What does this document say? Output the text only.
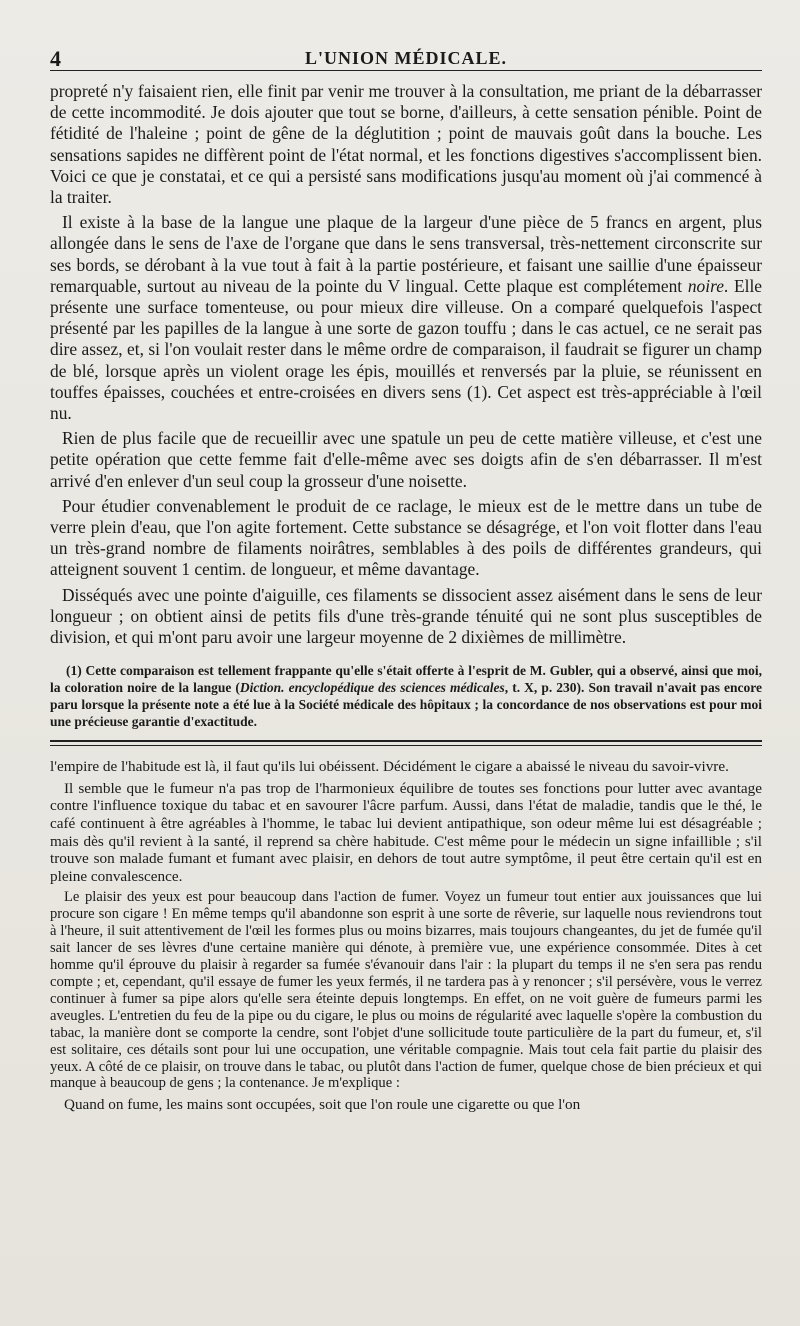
4	L'UNION MÉDICALE.

propreté n'y faisaient rien, elle finit par venir me trouver à la consultation, me priant de la débarrasser de cette incommodité. Je dois ajouter que tout se borne, d'ailleurs, à cette sensation pénible. Point de fétidité de l'haleine ; point de gêne de la déglutition ; point de mauvais goût dans la bouche. Les sensations sapides ne diffèrent point de l'état normal, et les fonctions digestives s'accomplissent bien. Voici ce que je constatai, et ce qui a persisté sans modifications jusqu'au moment où j'ai commencé à la traiter.

Il existe à la base de la langue une plaque de la largeur d'une pièce de 5 francs en argent, plus allongée dans le sens de l'axe de l'organe que dans le sens transversal, très-nettement circonscrite sur ses bords, se dérobant à la vue tout à fait à la partie postérieure, et faisant une saillie d'une épaisseur remarquable, surtout au niveau de la pointe du V lingual. Cette plaque est complétement noire. Elle présente une surface tomenteuse, ou pour mieux dire villeuse. On a comparé quelquefois l'aspect présenté par les papilles de la langue à une sorte de gazon touffu ; dans le cas actuel, ce ne serait pas dire assez, et, si l'on voulait rester dans le même ordre de comparaison, il faudrait se figurer un champ de blé, lorsque après un violent orage les épis, mouillés et renversés par la pluie, se réunissent en touffes épaisses, couchées et entre-croisées en divers sens (1). Cet aspect est très-appréciable à l'œil nu.

Rien de plus facile que de recueillir avec une spatule un peu de cette matière villeuse, et c'est une petite opération que cette femme fait d'elle-même avec ses doigts afin de s'en débarrasser. Il m'est arrivé d'en enlever d'un seul coup la grosseur d'une noisette.

Pour étudier convenablement le produit de ce raclage, le mieux est de le mettre dans un tube de verre plein d'eau, que l'on agite fortement. Cette substance se désagrége, et l'on voit flotter dans l'eau un très-grand nombre de filaments noirâtres, semblables à des poils de différentes grandeurs, qui atteignent souvent 1 centim. de longueur, et même davantage.

Disséqués avec une pointe d'aiguille, ces filaments se dissocient assez aisément dans le sens de leur longueur ; on obtient ainsi de petits fils d'une très-grande ténuité qui ne sont plus susceptibles de division, et qui m'ont paru avoir une largeur moyenne de 2 dixièmes de millimètre.

(1) Cette comparaison est tellement frappante qu'elle s'était offerte à l'esprit de M. Gubler, qui a observé, ainsi que moi, la coloration noire de la langue (Diction. encyclopédique des sciences médicales, t. X, p. 230). Son travail n'avait pas encore paru lorsque la présente note a été lue à la Société médicale des hôpitaux ; la concordance de nos observations est pour moi une précieuse garantie d'exactitude.

l'empire de l'habitude est là, il faut qu'ils lui obéissent. Décidément le cigare a abaissé le niveau du savoir-vivre.

Il semble que le fumeur n'a pas trop de l'harmonieux équilibre de toutes ses fonctions pour lutter avec avantage contre l'influence toxique du tabac et en savourer l'âcre parfum. Aussi, dans l'état de maladie, tandis que le thé, le café continuent à être agréables à l'homme, le tabac lui devient antipathique, son odeur même lui est désagréable ; mais dès qu'il revient à la santé, il reprend sa chère habitude. C'est même pour le médecin un signe infaillible ; s'il trouve son malade fumant et fumant avec plaisir, en dehors de tout autre symptôme, il peut être certain qu'il est en pleine convalescence.

Le plaisir des yeux est pour beaucoup dans l'action de fumer. Voyez un fumeur tout entier aux jouissances que lui procure son cigare ! En même temps qu'il abandonne son esprit à une sorte de rêverie, sur laquelle nous reviendrons tout à l'heure, il suit attentivement de l'œil les formes plus ou moins bizarres, mais toujours changeantes, du jet de fumée qu'il sait lancer de ses lèvres d'une certaine manière qui dénote, à première vue, une expérience consommée. Dites à cet homme qu'il éprouve du plaisir à regarder sa fumée s'évanouir dans l'air : la plupart du temps il ne s'en sera pas rendu compte ; et, cependant, qu'il essaye de fumer les yeux fermés, il ne tardera pas à y renoncer ; s'il persévère, vous le verrez continuer à fumer sa pipe alors qu'elle sera éteinte depuis longtemps. En effet, on ne voit guère de fumeurs parmi les aveugles. L'entretien du feu de la pipe ou du cigare, le plus ou moins de régularité avec laquelle s'opère la combustion du tabac, la manière dont se comporte la cendre, sont l'objet d'une sollicitude toute particulière de la part du fumeur, et, s'il est solitaire, ces détails sont pour lui une occupation, une véritable compagnie. Mais tout cela fait partie du plaisir des yeux. A côté de ce plaisir, on trouve dans le tabac, ou plutôt dans l'action de fumer, quelque chose de bien précieux et qui manque à beaucoup de gens ; la contenance. Je m'explique :

Quand on fume, les mains sont occupées, soit que l'on roule une cigarette ou que l'on
